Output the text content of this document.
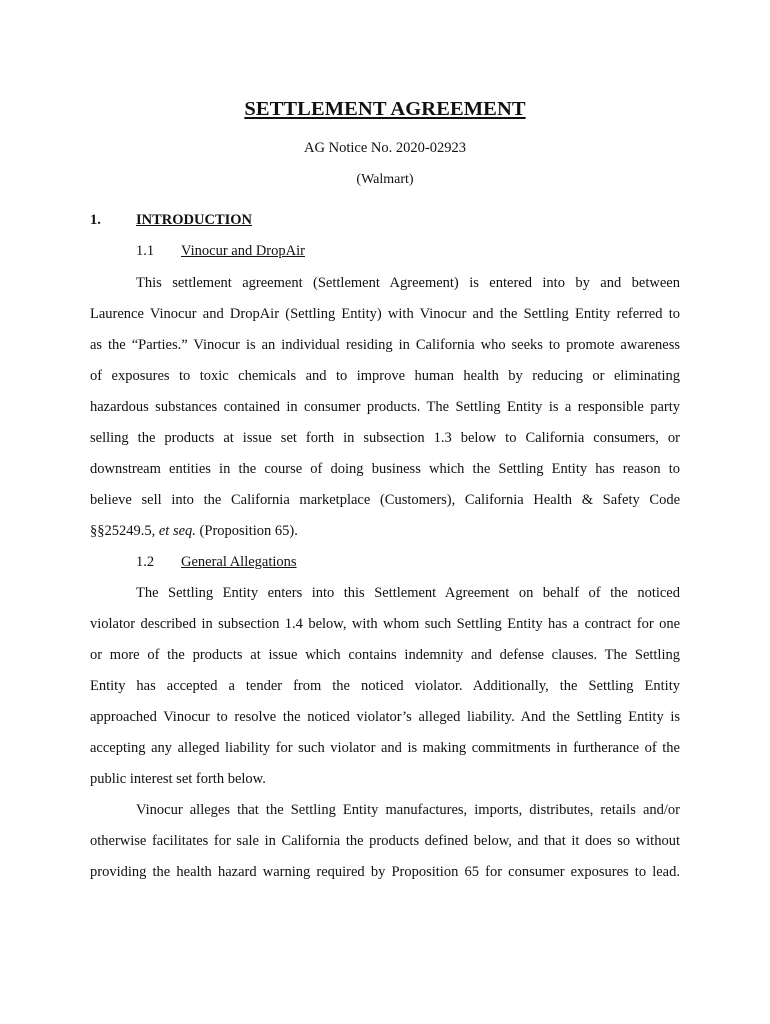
SETTLEMENT AGREEMENT
AG Notice No. 2020-02923
(Walmart)
1. INTRODUCTION
1.1 Vinocur and DropAir
This settlement agreement (Settlement Agreement) is entered into by and between
Laurence Vinocur and DropAir (Settling Entity) with Vinocur and the Settling Entity referred to
as the “Parties.” Vinocur is an individual residing in California who seeks to promote awareness
of exposures to toxic chemicals and to improve human health by reducing or eliminating
hazardous substances contained in consumer products. The Settling Entity is a responsible party
selling the products at issue set forth in subsection 1.3 below to California consumers, or
downstream entities in the course of doing business which the Settling Entity has reason to
believe sell into the California marketplace (Customers), California Health & Safety Code
§§25249.5, et seq. (Proposition 65).
1.2 General Allegations
The Settling Entity enters into this Settlement Agreement on behalf of the noticed
violator described in subsection 1.4 below, with whom such Settling Entity has a contract for one
or more of the products at issue which contains indemnity and defense clauses. The Settling
Entity has accepted a tender from the noticed violator. Additionally, the Settling Entity
approached Vinocur to resolve the noticed violator’s alleged liability. And the Settling Entity is
accepting any alleged liability for such violator and is making commitments in furtherance of the
public interest set forth below.
Vinocur alleges that the Settling Entity manufactures, imports, distributes, retails and/or
otherwise facilitates for sale in California the products defined below, and that it does so without
providing the health hazard warning required by Proposition 65 for consumer exposures to lead.
